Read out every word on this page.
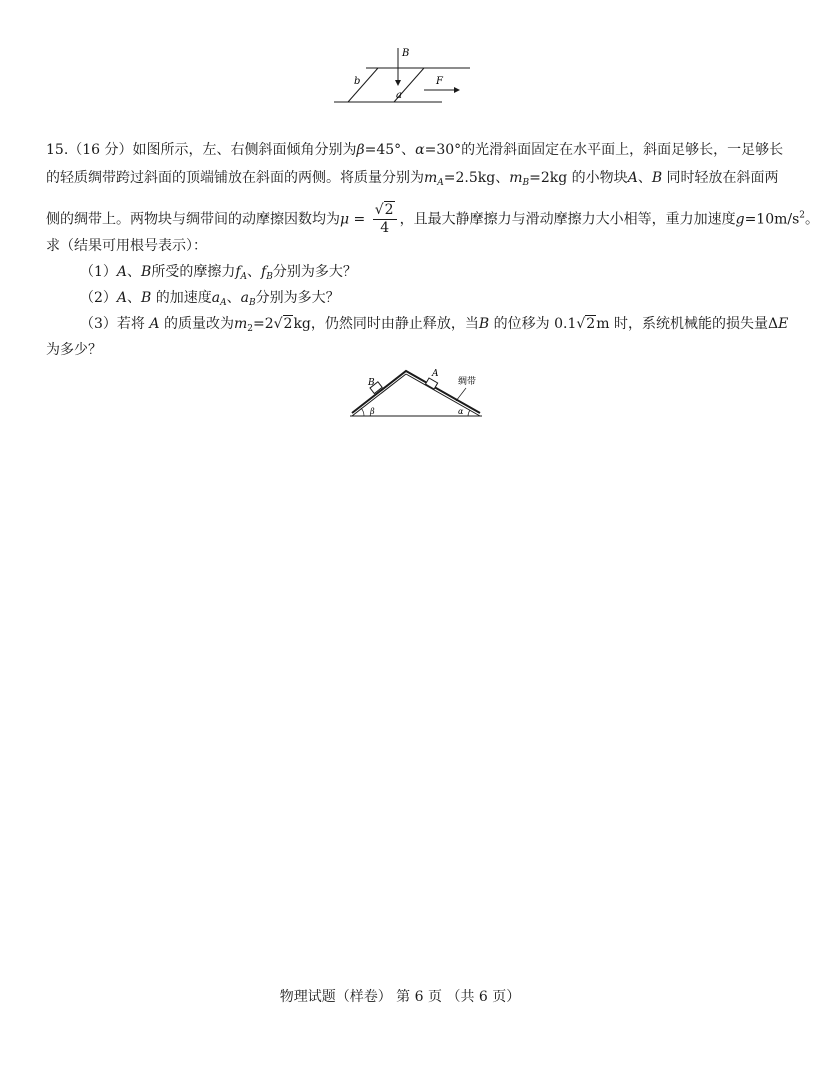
B
b
a
F
15.（16 分）如图所示，左、右侧斜面倾角分别为β=45°、α=30°的光滑斜面固定在水平面上，斜面足够长，一足够长
的轻质绸带跨过斜面的顶端铺放在斜面的两侧。将质量分别为$m_A=2.5kg$、$m_B=2kg$ 的小物块A、B 同时轻放在斜面两
侧的绸带上。两物块与绸带间的动摩擦因数均为$\mu = \frac{√2}{4}$ ，且最大静摩擦力与滑动摩擦力大小相等，重力加速度$g=10m/s^2$。
求（结果可用根号表示）：
（1）A、B所受的摩擦力$f_A$、$f_B$分别为多大？
（2）A、B 的加速度$a_A$、$a_B$分别为多大？
（3）若将 A 的质量改为$m_2=2√2kg$，仍然同时由静止释放，当B 的位移为 0.1√2m 时，系统机械能的损失量ΔE
为多少？
B
A
绸带
β	α
物理试题（样卷） 第 6 页 （共 6 页）
